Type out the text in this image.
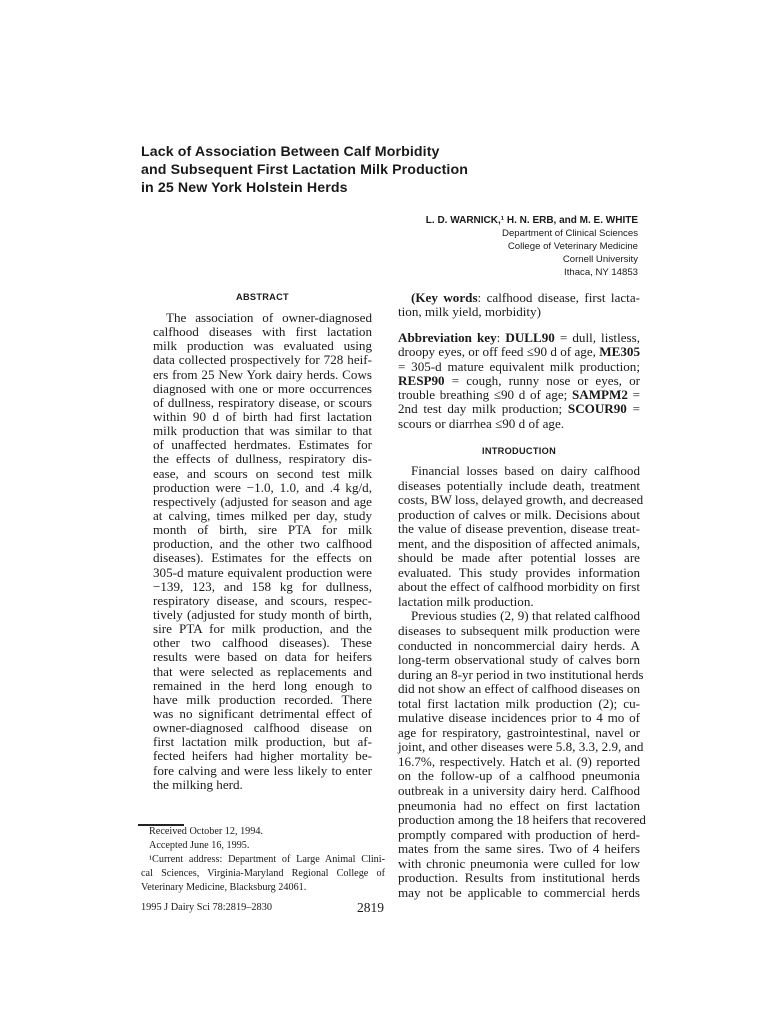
Lack of Association Between Calf Morbidity
and Subsequent First Lactation Milk Production
in 25 New York Holstein Herds
L. D. WARNICK,¹ H. N. ERB, and M. E. WHITE
Department of Clinical Sciences
College of Veterinary Medicine
Cornell University
Ithaca, NY 14853
ABSTRACT
The association of owner-diagnosed
calfhood diseases with first lactation
milk production was evaluated using
data collected prospectively for 728 heif-
ers from 25 New York dairy herds. Cows
diagnosed with one or more occurrences
of dullness, respiratory disease, or scours
within 90 d of birth had first lactation
milk production that was similar to that
of unaffected herdmates. Estimates for
the effects of dullness, respiratory dis-
ease, and scours on second test milk
production were −1.0, 1.0, and .4 kg/d,
respectively (adjusted for season and age
at calving, times milked per day, study
month of birth, sire PTA for milk
production, and the other two calfhood
diseases). Estimates for the effects on
305-d mature equivalent production were
−139, 123, and 158 kg for dullness,
respiratory disease, and scours, respec-
tively (adjusted for study month of birth,
sire PTA for milk production, and the
other two calfhood diseases). These
results were based on data for heifers
that were selected as replacements and
remained in the herd long enough to
have milk production recorded. There
was no significant detrimental effect of
owner-diagnosed calfhood disease on
first lactation milk production, but af-
fected heifers had higher mortality be-
fore calving and were less likely to enter
the milking herd.
(Key words: calfhood disease, first lacta-
tion, milk yield, morbidity)
Abbreviation key: DULL90 = dull, listless,
droopy eyes, or off feed ≤90 d of age, ME305
= 305-d mature equivalent milk production;
RESP90 = cough, runny nose or eyes, or
trouble breathing ≤90 d of age; SAMPM2 =
2nd test day milk production; SCOUR90 =
scours or diarrhea ≤90 d of age.
INTRODUCTION
Financial losses based on dairy calfhood
diseases potentially include death, treatment
costs, BW loss, delayed growth, and decreased
production of calves or milk. Decisions about
the value of disease prevention, disease treat-
ment, and the disposition of affected animals,
should be made after potential losses are
evaluated. This study provides information
about the effect of calfhood morbidity on first
lactation milk production.
Previous studies (2, 9) that related calfhood
diseases to subsequent milk production were
conducted in noncommercial dairy herds. A
long-term observational study of calves born
during an 8-yr period in two institutional herds
did not show an effect of calfhood diseases on
total first lactation milk production (2); cu-
mulative disease incidences prior to 4 mo of
age for respiratory, gastrointestinal, navel or
joint, and other diseases were 5.8, 3.3, 2.9, and
16.7%, respectively. Hatch et al. (9) reported
on the follow-up of a calfhood pneumonia
outbreak in a university dairy herd. Calfhood
pneumonia had no effect on first lactation
production among the 18 heifers that recovered
promptly compared with production of herd-
mates from the same sires. Two of 4 heifers
with chronic pneumonia were culled for low
production. Results from institutional herds
may not be applicable to commercial herds
Received October 12, 1994.
Accepted June 16, 1995.
¹Current address: Department of Large Animal Clini-
cal Sciences, Virginia-Maryland Regional College of
Veterinary Medicine, Blacksburg 24061.
1995 J Dairy Sci 78:2819–2830	2819
